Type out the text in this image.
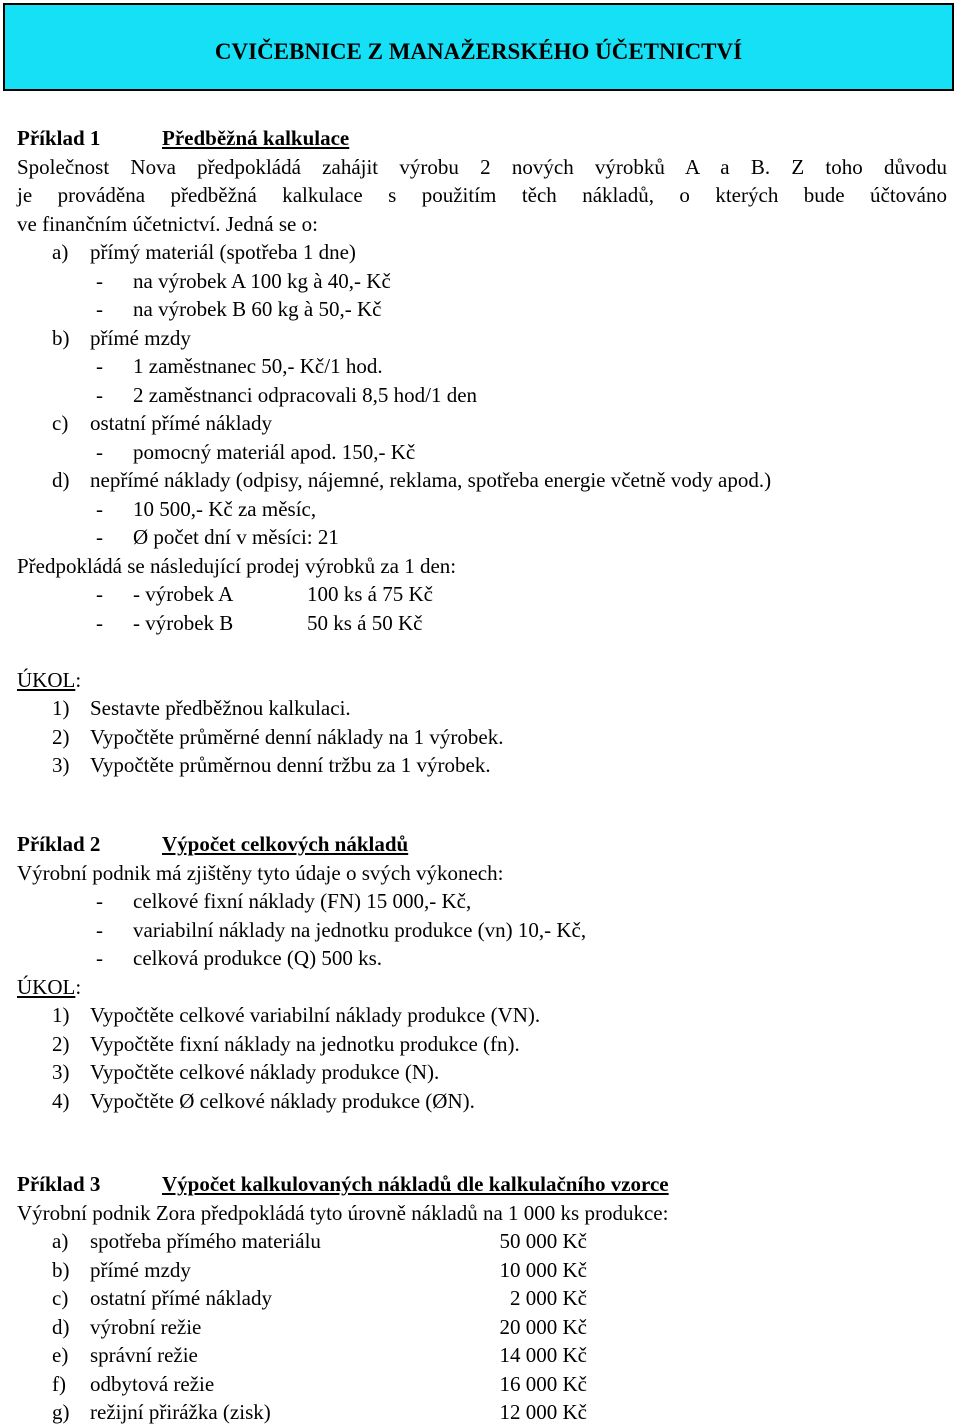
CVIČEBNICE Z MANAŽERSKÉHO ÚČETNICTVÍ
Příklad 1	Předběžná kalkulace
Společnost Nova předpokládá zahájit výrobu 2 nových výrobků A a B. Z toho důvodu
je prováděna předběžná kalkulace s použitím těch nákladů, o kterých bude účtováno
ve finančním účetnictví. Jedná se o:
a) přímý materiál (spotřeba 1 dne)
- na výrobek A 100 kg à 40,- Kč
- na výrobek B 60 kg à 50,- Kč
b) přímé mzdy
- 1 zaměstnanec 50,- Kč/1 hod.
- 2 zaměstnanci odpracovali 8,5 hod/1 den
c) ostatní přímé náklady
- pomocný materiál apod. 150,- Kč
d) nepřímé náklady (odpisy, nájemné, reklama, spotřeba energie včetně vody apod.)
- 10 500,- Kč za měsíc,
- Ø počet dní v měsíci: 21
Předpokládá se následující prodej výrobků za 1 den:
- - výrobek A	100 ks á 75 Kč
- - výrobek B	50 ks á 50 Kč
ÚKOL:
1) Sestavte předběžnou kalkulaci.
2) Vypočtěte průměrné denní náklady na 1 výrobek.
3) Vypočtěte průměrnou denní tržbu za 1 výrobek.
Příklad 2	Výpočet celkových nákladů
Výrobní podnik má zjištěny tyto údaje o svých výkonech:
- celkové fixní náklady (FN) 15 000,- Kč,
- variabilní náklady na jednotku produkce (vn) 10,- Kč,
- celková produkce (Q) 500 ks.
ÚKOL:
1) Vypočtěte celkové variabilní náklady produkce (VN).
2) Vypočtěte fixní náklady na jednotku produkce (fn).
3) Vypočtěte celkové náklady produkce (N).
4) Vypočtěte Ø celkové náklady produkce (ØN).
Příklad 3	Výpočet kalkulovaných nákladů dle kalkulačního vzorce
Výrobní podnik Zora předpokládá tyto úrovně nákladů na 1 000 ks produkce:
a) spotřeba přímého materiálu	50 000 Kč
b) přímé mzdy	10 000 Kč
c) ostatní přímé náklady	2 000 Kč
d) výrobní režie	20 000 Kč
e) správní režie	14 000 Kč
f) odbytová režie	16 000 Kč
g) režijní přirážka (zisk)	12 000 Kč
